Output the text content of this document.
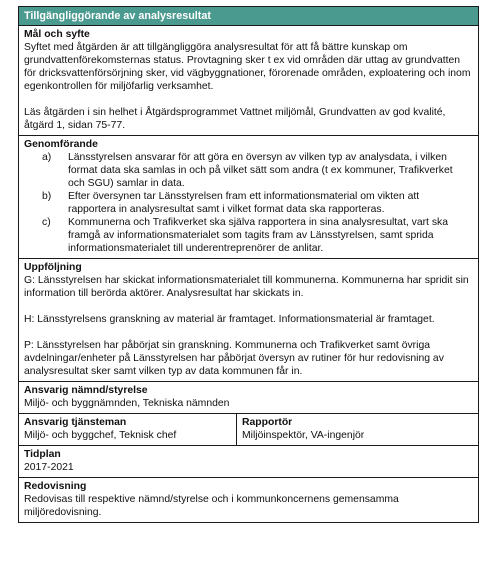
Tillgängliggörande av analysresultat
Mål och syfte

Syftet med åtgärden är att tillgängliggöra analysresultat för att få bättre kunskap om grundvattenförekomsternas status. Provtagning sker t ex vid områden där uttag av grundvatten för dricksvattenförsörjning sker, vid vägbyggnationer, förorenade områden, exploatering och inom egenkontrollen för miljöfarlig verksamhet.

Läs åtgärden i sin helhet i Åtgärdsprogrammet Vattnet miljömål, Grundvatten av god kvalité, åtgärd 1, sidan 75-77.

Genomförande
a)	Länsstyrelsen ansvarar för att göra en översyn av vilken typ av analysdata, i vilken format data ska samlas in och på vilket sätt som andra (t ex kommuner, Trafikverket och SGU) samlar in data.
b)	Efter översynen tar Länsstyrelsen fram ett informationsmaterial om vikten att rapportera in analysresultat samt i vilket format data ska rapporteras.
c)	Kommunerna och Trafikverket ska själva rapportera in sina analysresultat, vart ska framgå av informationsmaterialet som tagits fram av Länsstyrelsen, samt sprida informationsmaterialet till underentreprenörer de anlitar.
Uppföljning

G: Länsstyrelsen har skickat informationsmaterialet till kommunerna. Kommunerna har spridit sin information till berörda aktörer. Analysresultat har skickats in.

H: Länsstyrelsens granskning av material är framtaget. Informationsmaterial är framtaget.

P: Länsstyrelsen har påbörjat sin granskning. Kommunerna och Trafikverket samt övriga avdelningar/enheter på Länsstyrelsen har påbörjat översyn av rutiner för hur redovisning av analysresultat sker samt vilken typ av data kommunen får in.

Ansvarig nämnd/styrelse

Miljö- och byggnämnden, Tekniska nämnden

Ansvarig tjänsteman

Miljö- och byggchef, Teknisk chef

Rapportör

Miljöinspektör, VA-ingenjör

Tidplan

2017-2021

Redovisning

Redovisas till respektive nämnd/styrelse och i kommunkoncernens gemensamma miljöredovisning.
